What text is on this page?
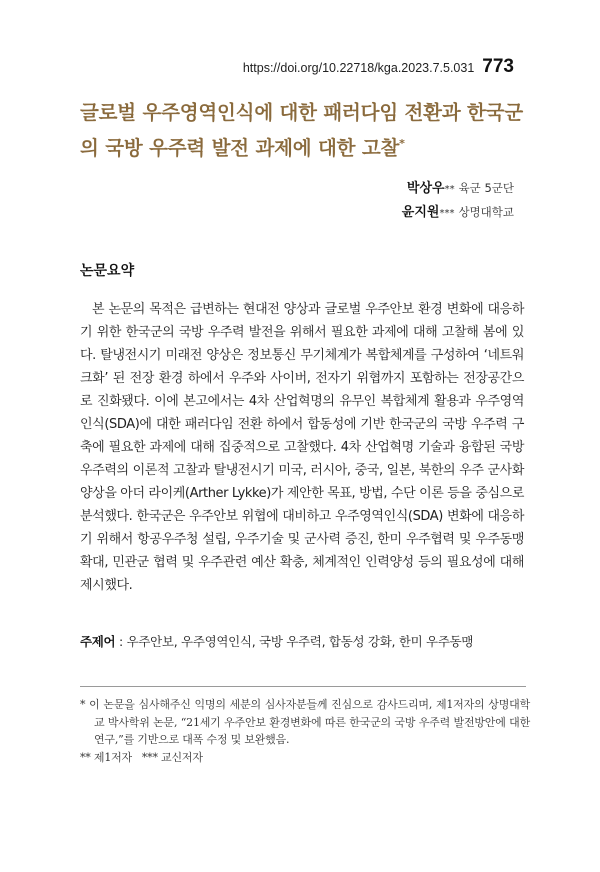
https://doi.org/10.22718/kga.2023.7.5.031 773
글로벌 우주영역인식에 대한 패러다임 전환과 한국군
의 국방 우주력 발전 과제에 대한 고찰*
박상우** 육군 5군단
윤지원*** 상명대학교
논문요약
본 논문의 목적은 급변하는 현대전 양상과 글로벌 우주안보 환경 변화에 대응하기 위한 한국군의 국방 우주력 발전을 위해서 필요한 과제에 대해 고찰해 봄에 있다. 탈냉전시기 미래전 양상은 정보통신 무기체계가 복합체계를 구성하여 ‘네트워크화’ 된 전장 환경 하에서 우주와 사이버, 전자기 위협까지 포함하는 전장공간으로 진화됐다. 이에 본고에서는 4차 산업혁명의 유무인 복합체계 활용과 우주영역인식(SDA)에 대한 패러다임 전환 하에서 합동성에 기반 한국군의 국방 우주력 구축에 필요한 과제에 대해 집중적으로 고찰했다. 4차 산업혁명 기술과 융합된 국방 우주력의 이론적 고찰과 탈냉전시기 미국, 러시아, 중국, 일본, 북한의 우주 군사화 양상을 아더 라이케(Arther Lykke)가 제안한 목표, 방법, 수단 이론 등을 중심으로 분석했다. 한국군은 우주안보 위협에 대비하고 우주영역인식(SDA) 변화에 대응하기 위해서 항공우주청 설립, 우주기술 및 군사력 증진, 한미 우주협력 및 우주동맹 확대, 민관군 협력 및 우주관련 예산 확충, 체계적인 인력양성 등의 필요성에 대해 제시했다.
주제어 : 우주안보, 우주영역인식, 국방 우주력, 합동성 강화, 한미 우주동맹
* 이 논문을 심사해주신 익명의 세분의 심사자분들께 진심으로 감사드리며, 제1저자의 상명대학교 박사학위 논문, “21세기 우주안보 환경변화에 따른 한국군의 국방 우주력 발전방안에 대한 연구,”를 기반으로 대폭 수정 및 보완했음.
** 제1저자   *** 교신저자
